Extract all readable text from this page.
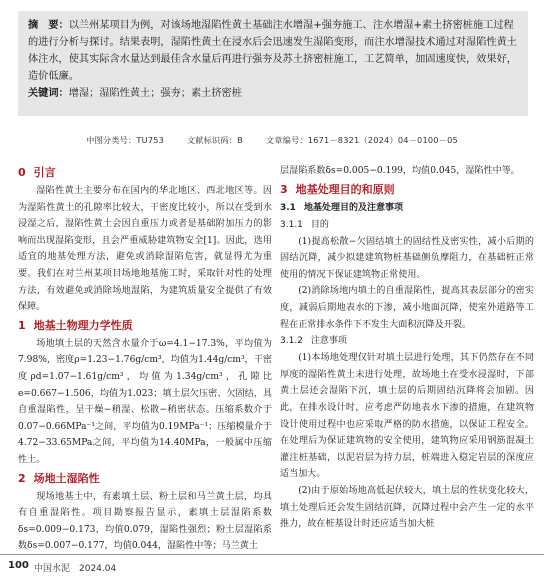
摘　要：以兰州某项目为例，对该场地湿陷性黄土基础注水增湿+强夯施工、注水增湿+素土挤密桩施工过程的进行分析与探讨。结果表明，湿陷性黄土在浸水后会迅速发生湿陷变形，而注水增湿技术通过对湿陷性黄土体注水，使其实际含水量达到最佳含水量后再进行强夯及苏土挤密桩施工，工艺简单，加固速度快，效果好，造价低廉。

关键词：增湿；湿陷性黄土；强夯；素土挤密桩

中图分类号：TU753	文献标识码：B	文章编号：1671－8321（2024）04－0100－05
0 引言

湿陷性黄土主要分布在国内的华北地区、西北地区等。因为湿陷性黄土的孔隙率比较大，干密度比较小，所以在受到水浸湿之后，湿陷性黄土会因自重压力或者是基础附加压力的影响而出现湿陷变形，且会严重威胁建筑物安全[1]。因此，选用适宜的地基处理方法，避免或消除湿陷危害，就显得尤为重要。我们在对兰州某项目场地地基施工时，采取针对性的处理方法，有效避免或消除场地湿陷，为建筑质量安全提供了有效保障。

1 地基土物理力学性质

场地填土层的天然含水量介于ω=4.1−17.3%，平均值为7.98%，密度ρ=1.23−1.76g/cm³，均值为1.44g/cm³，干密度ρd=1.07−1.61g/cm³，均值为1.34g/cm³，孔隙比e=0.667−1.506，均值为1.023；填土层欠压密、欠固结，具自重湿陷性，呈干燥−稍湿、松散−稍密状态。压缩系数介于0.07−0.66MPa⁻¹之间，平均值为0.19MPa⁻¹；压缩模量介于4.72−33.65MPa之间，平均值为14.40MPa，一般属中压缩性土。

2 场地土湿陷性

现场地基土中，有素填土层、粉土层和马兰黄土层，均具有自重湿陷性。项目勘察报告显示，素填土层湿陷系数δs=0.009−0.173，均值0.079，湿陷性强烈；粉土层湿陷系数δs=0.007−0.177，均值0.044，湿陷性中等；马兰黄土

层湿陷系数δs=0.005−0.199，均值0.045，湿陷性中等。

3 地基处理目的和原则
3.1 地基处理目的及注意事项
3.1.1 目的

(1)提高松散−欠固结填土的固结性及密实性，减小后期的固结沉降，减少拟建建筑物桩基础侧负摩阻力，在基础桩正常使用的情况下保证建筑物正常使用。

(2)消除场地内填土的自重湿陷性，提高其表层部分的密实度，减弱后期地表水的下渗，减小地面沉降，使室外道路等工程在正常排水条件下不发生大面积沉降及开裂。

3.1.2 注意事项

(1)本场地处理仅针对填土层进行处理，其下仍然存在不同厚度的湿陷性黄土未进行处理，故场地土在受水浸湿时，下部黄土层还会湿陷下沉，填土层的后期固结沉降将会加剧。因此，在排水设计时，应考虑严防地表水下渗的措施，在建筑物设计使用过程中也应采取严格的防水措施，以保证工程安全。在处理后为保证建筑物的安全使用，建筑物应采用钢筋混凝土灌注桩基础，以泥岩层为持力层，桩端进入稳定岩层的深度应适当加大。

(2)由于原始场地高低起伏较大，填土层的性状变化较大，填土处理后还会发生固结沉降，沉降过程中会产生一定的水平推力，故在桩基设计时还应适当加大桩

100 中国水泥　2024.04
